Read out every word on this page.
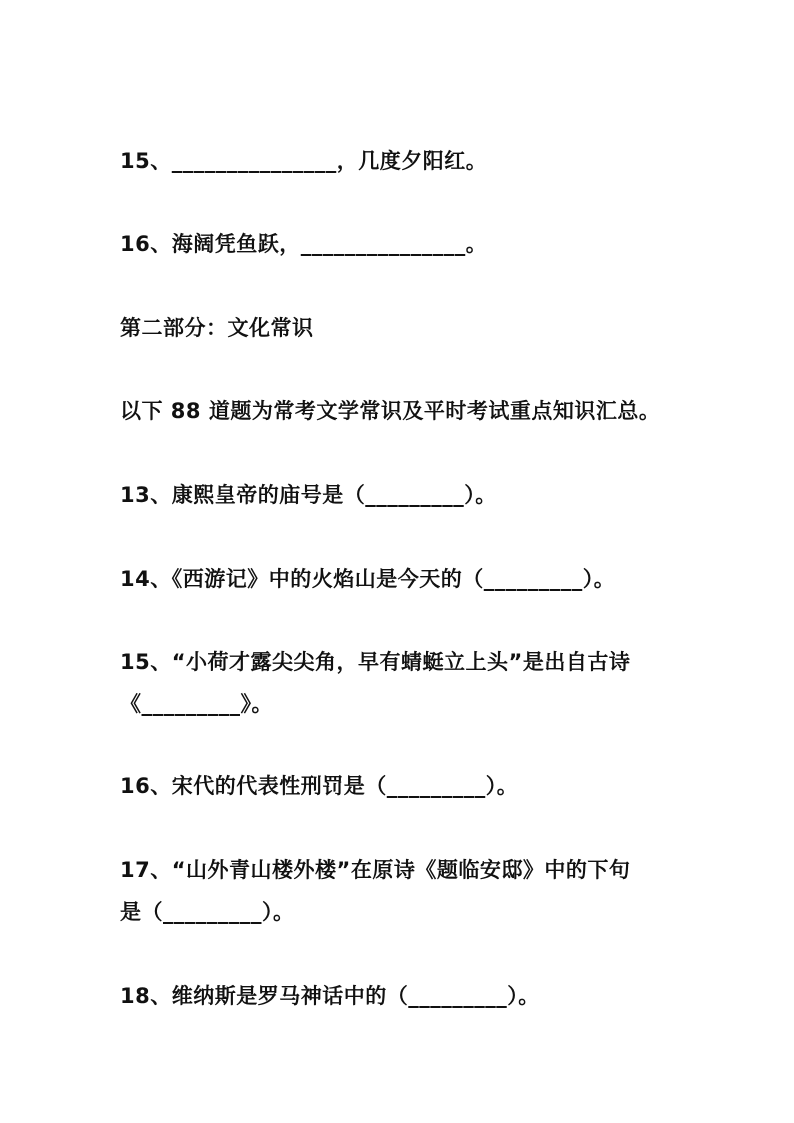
15、_______________，几度夕阳红。
16、海阔凭鱼跃，_______________。
第二部分：文化常识
以下 88 道题为常考文学常识及平时考试重点知识汇总。
13、康熙皇帝的庙号是（_________）。
14、《西游记》中的火焰山是今天的（_________）。
15、“小荷才露尖尖角，早有蜻蜓立上头”是出自古诗
《_________》。
16、宋代的代表性刑罚是（_________）。
17、“山外青山楼外楼”在原诗《题临安邸》中的下句
是（_________）。
18、维纳斯是罗马神话中的（_________）。
